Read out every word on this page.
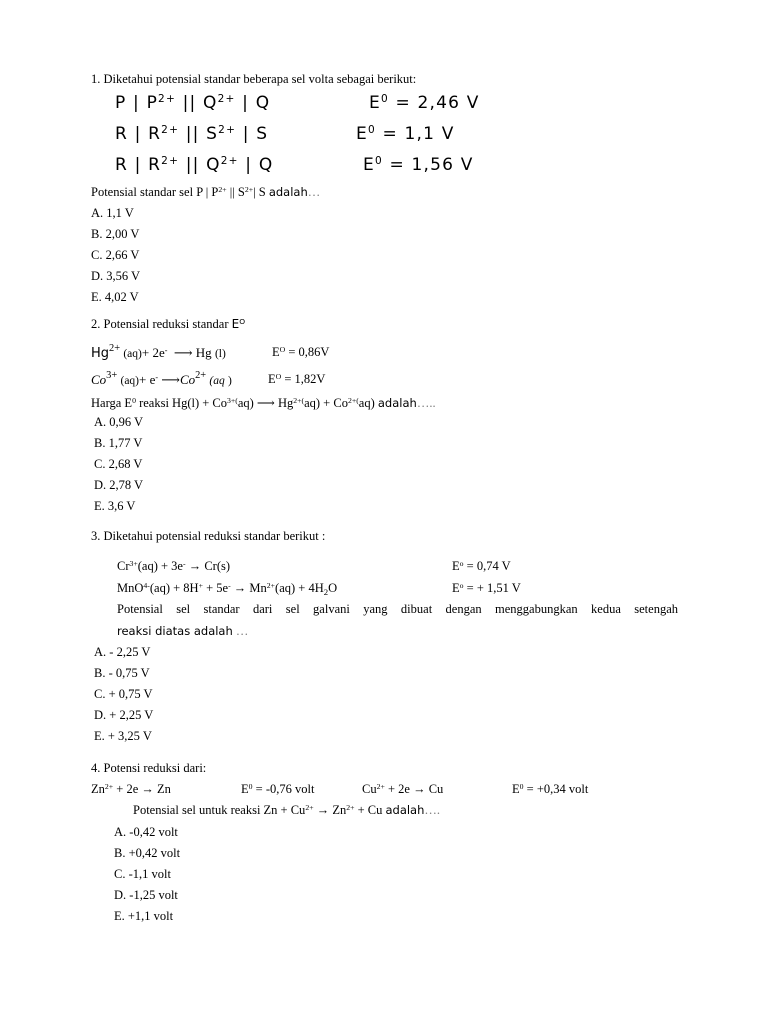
1. Diketahui potensial standar beberapa sel volta sebagai berikut:
P | $P^{2+}$ || $Q^{2+}$ | Q	$E^0 = 2,46$ V
R | $R^{2+}$ || $S^{2+}$ | S	$E^0 = 1,1$ V
R | $R^{2+}$ || $Q^{2+}$ | Q	$E^0 = 1,56$ V
Potensial standar sel P | $P^{2+}$ || $S^{2+}|$ S adalah…
A. 1,1 V
B. 2,00 V
C. 2,66 V
D. 3,56 V
E. 4,02 V
2. Potensial reduksi standar $E^O$
$Hg^{2+}$ (aq)+ 2e-  ⟶ Hg (l)	$E^O = 0,86V$
$Co^{3+}$ (aq)+ e- $⟶Co^{2+}$ (aq )	$E^O = 1,82V$
Harga $E^0$ reaksi $Hg(l) + Co^{3+(}aq$) ⟶ $Hg^{2+(}aq) + Co^{2+(}aq$) adalah…..
A. 0,96 V
B. 1,77 V
C. 2,68 V
D. 2,78 V
E. 3,6 V
3. Diketahui potensial reduksi standar berikut :
$Cr^{3+}(aq) + 3e^- \to Cr(s)$	$E^o = 0,74$ V
$MnO^{4-}(aq) + 8H^+ + 5e^- \to Mn^{2+}(aq) + 4H_2O$	$E^o$ = + 1,51 V
Potensial sel standar dari sel galvani yang dibuat dengan menggabungkan kedua setengah
reaksi diatas adalah …
A. - 2,25 V
B. - 0,75 V
C. + 0,75 V
D. + 2,25 V
E. + 3,25 V
4. Potensi reduksi dari:
$Zn^{2+} + 2e \to Zn$	$E^0 = -0,76$ volt	$Cu^{2+} + 2e \to Cu$	$E^0 = +0,34$ volt
Potensial sel untuk reaksi $Zn + Cu^{2+} \to Zn^{2+} + Cu$ adalah….
A. -0,42 volt
B. +0,42 volt
C. -1,1 volt
D. -1,25 volt
E. +1,1 volt
